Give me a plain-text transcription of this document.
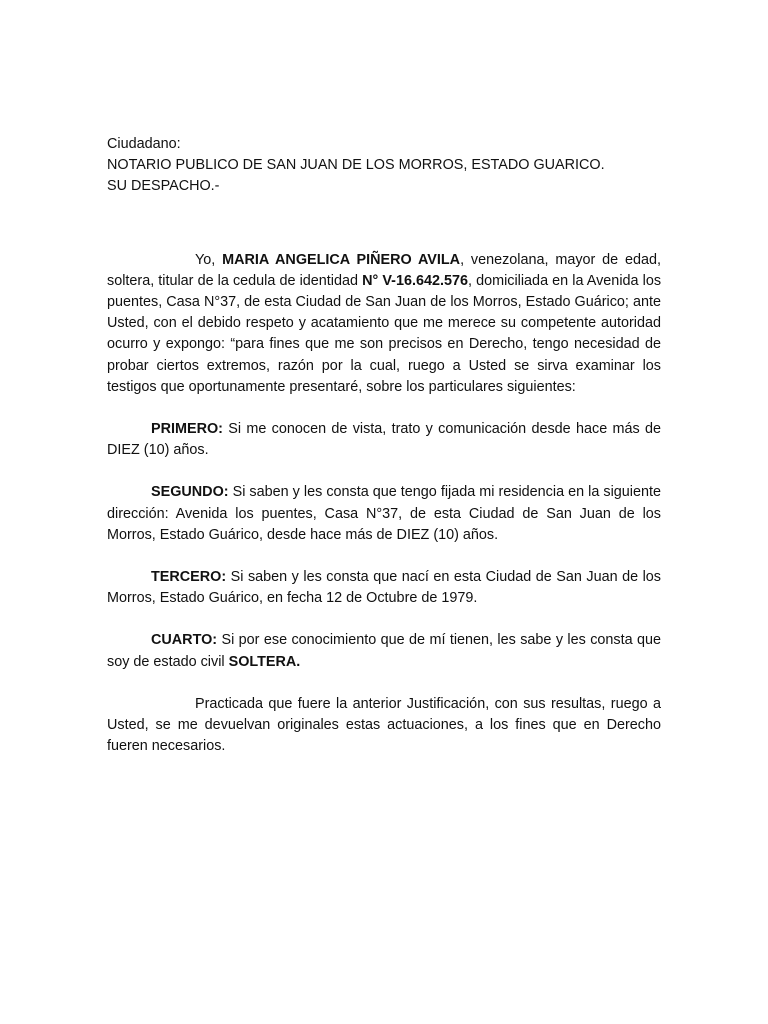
Ciudadano:
NOTARIO PUBLICO DE SAN JUAN DE LOS MORROS, ESTADO GUARICO.
SU DESPACHO.-

Yo, MARIA ANGELICA PIÑERO AVILA, venezolana, mayor de edad, soltera, titular de la cedula de identidad N° V-16.642.576, domiciliada en la Avenida los puentes, Casa N°37, de esta Ciudad de San Juan de los Morros, Estado Guárico; ante Usted, con el debido respeto y acatamiento que me merece su competente autoridad ocurro y expongo: “para fines que me son precisos en Derecho, tengo necesidad de probar ciertos extremos, razón por la cual, ruego a Usted se sirva examinar los testigos que oportunamente presentaré, sobre los particulares siguientes:

PRIMERO: Si me conocen de vista, trato y comunicación desde hace más de DIEZ (10) años.

SEGUNDO: Si saben y les consta que tengo fijada mi residencia en la siguiente dirección: Avenida los puentes, Casa N°37, de esta Ciudad de San Juan de los Morros, Estado Guárico, desde hace más de DIEZ (10) años.

TERCERO: Si saben y les consta que nací en esta Ciudad de San Juan de los Morros, Estado Guárico, en fecha 12 de Octubre de 1979.

CUARTO: Si por ese conocimiento que de mí tienen, les sabe y les consta que soy de estado civil SOLTERA.

Practicada que fuere la anterior Justificación, con sus resultas, ruego a Usted, se me devuelvan originales estas actuaciones, a los fines que en Derecho fueren necesarios.
